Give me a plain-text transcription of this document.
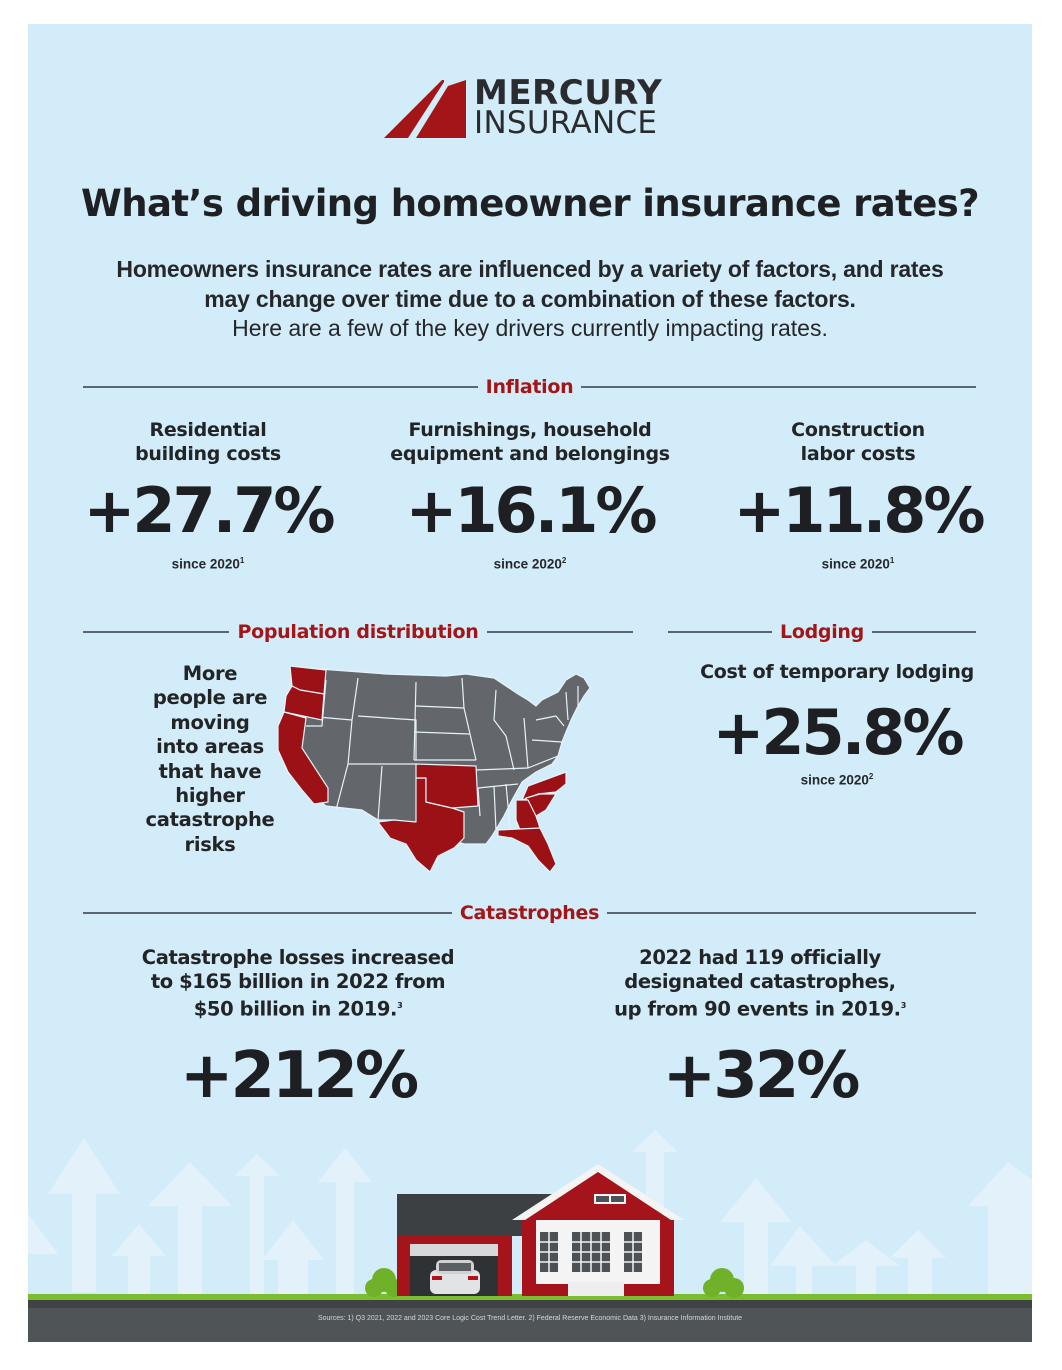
MERCURY
INSURANCE
What’s driving homeowner insurance rates?
Homeowners insurance rates are influenced by a variety of factors, and rates
may change over time due to a combination of these factors.
Here are a few of the key drivers currently impacting rates.
Inflation
Residential
building costs
+27.7%
since 2020$^1$
Furnishings, household
equipment and belongings
+16.1%
since 2020$^2$
Construction
labor costs
+11.8%
since 2020$^1$
Population distribution
More
people are
moving
into areas
that have
higher
catastrophe
risks
Lodging
Cost of temporary lodging
+25.8%
since 2020$^2$
Catastrophes
Catastrophe losses increased
to $165 billion in 2022 from
$50 billion in 2019.$^3$
+212%
2022 had 119 officially
designated catastrophes,
up from 90 events in 2019.$^3$
+32%
Sources: 1) Q3 2021, 2022 and 2023 Core Logic Cost Trend Letter. 2) Federal Reserve Economic Data 3) Insurance Information Institute
